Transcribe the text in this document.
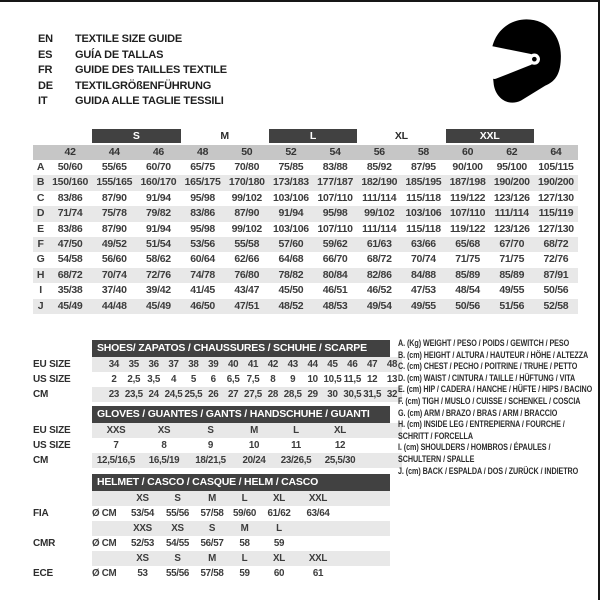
EN	TEXTILE SIZE GUIDE
ES	GUÍA DE TALLAS
FR	GUIDE DES TAILLES TEXTILE
DE	TEXTILGRÖßENFÜHRUNG
IT	GUIDA ALLE TAGLIE TESSILI
S	M	L	XL	XXL
42	44	46	48	50	52	54	56	58	60	62	64
A	50/60	55/65	60/70	65/75	70/80	75/85	83/88	85/92	87/95	90/100	95/100	105/115
B 150/160 155/165 160/170 165/175 170/180 173/183 177/187 182/190 185/195 187/198 190/200 190/200
C	83/86	87/90	91/94	95/98	99/102	103/106 107/110 111/114 115/118 119/122 123/126 127/130
D	71/74	75/78	79/82	83/86	87/90	91/94	95/98	99/102	103/106 107/110 111/114 115/119
E	83/86	87/90	91/94	95/98	99/102	103/106 107/110 111/114 115/118 119/122 123/126 127/130
F	47/50	49/52	51/54	53/56	55/58	57/60	59/62	61/63	63/66	65/68	67/70	68/72
G	54/58	56/60	58/62	60/64	62/66	64/68	66/70	68/72	70/74	71/75	71/75	72/76
H	68/72	70/74	72/76	74/78	76/80	78/82	80/84	82/86	84/88	85/89	85/89	87/91
I	35/38	37/40	39/42	41/45	43/47	45/50	46/51	46/52	47/53	48/54	49/55	50/56
J	45/49	44/48	45/49	46/50	47/51	48/52	48/53	49/54	49/55	50/56	51/56	52/58
SHOES/ ZAPATOS / CHAUSSURES / SCHUHE / SCARPE
EU SIZE	34 35 36 37 38 39 40 41 42 43 44 45 46 47 48
US SIZE	2	2,5 3,5	4	5	6	6,5 7,5	8	9	10 10,5 11,5 12 13
CM	23 23,5 24 24,5 25,5 26 27 27,5 28 28,5 29 30 30,5 31,5 32
GLOVES / GUANTES / GANTS / HANDSCHUHE / GUANTI
EU SIZE	XXS	XS	S	M	L	XL
US SIZE	7	8	9	10	11	12
CM	12,5/16,5	16,5/19	18/21,5	20/24	23/26,5	25,5/30
HELMET / CASCO / CASQUE / HELM / CASCO
XS	S	M	L	XL	XXL
FIA	Ø CM	53/54	55/56	57/58 59/60	61/62	63/64
XXS	XS	S	M	L
CMR	Ø CM	52/53	54/55	56/57	58	59
XS	S	M	L	XL	XXL
ECE	Ø CM	53	55/56	57/58	59	60	61
A. (Kg) WEIGHT / PESO / POIDS / GEWITCH / PESO
B. (cm) HEIGHT / ALTURA / HAUTEUR / HÖHE / ALTEZZA
C. (cm) CHEST / PECHO / POITRINE / TRUHE / PETTO
D. (cm) WAIST / CINTURA / TAILLE / HÜFTUNG / VITA
E. (cm) HIP / CADERA / HANCHE / HÜFTE / HIPS / BACINO
F. (cm) TIGH / MUSLO / CUISSE / SCHENKEL / COSCIA
G. (cm) ARM / BRAZO / BRAS / ARM / BRACCIO
H. (cm) INSIDE LEG / ENTREPIERNA / FOURCHE /
SCHRITT / FORCELLA
I. (cm) SHOULDERS / HOMBROS / ÉPAULES /
SCHULTERN / SPALLE
J. (cm) BACK / ESPALDA / DOS / ZURÜCK / INDIETRO
